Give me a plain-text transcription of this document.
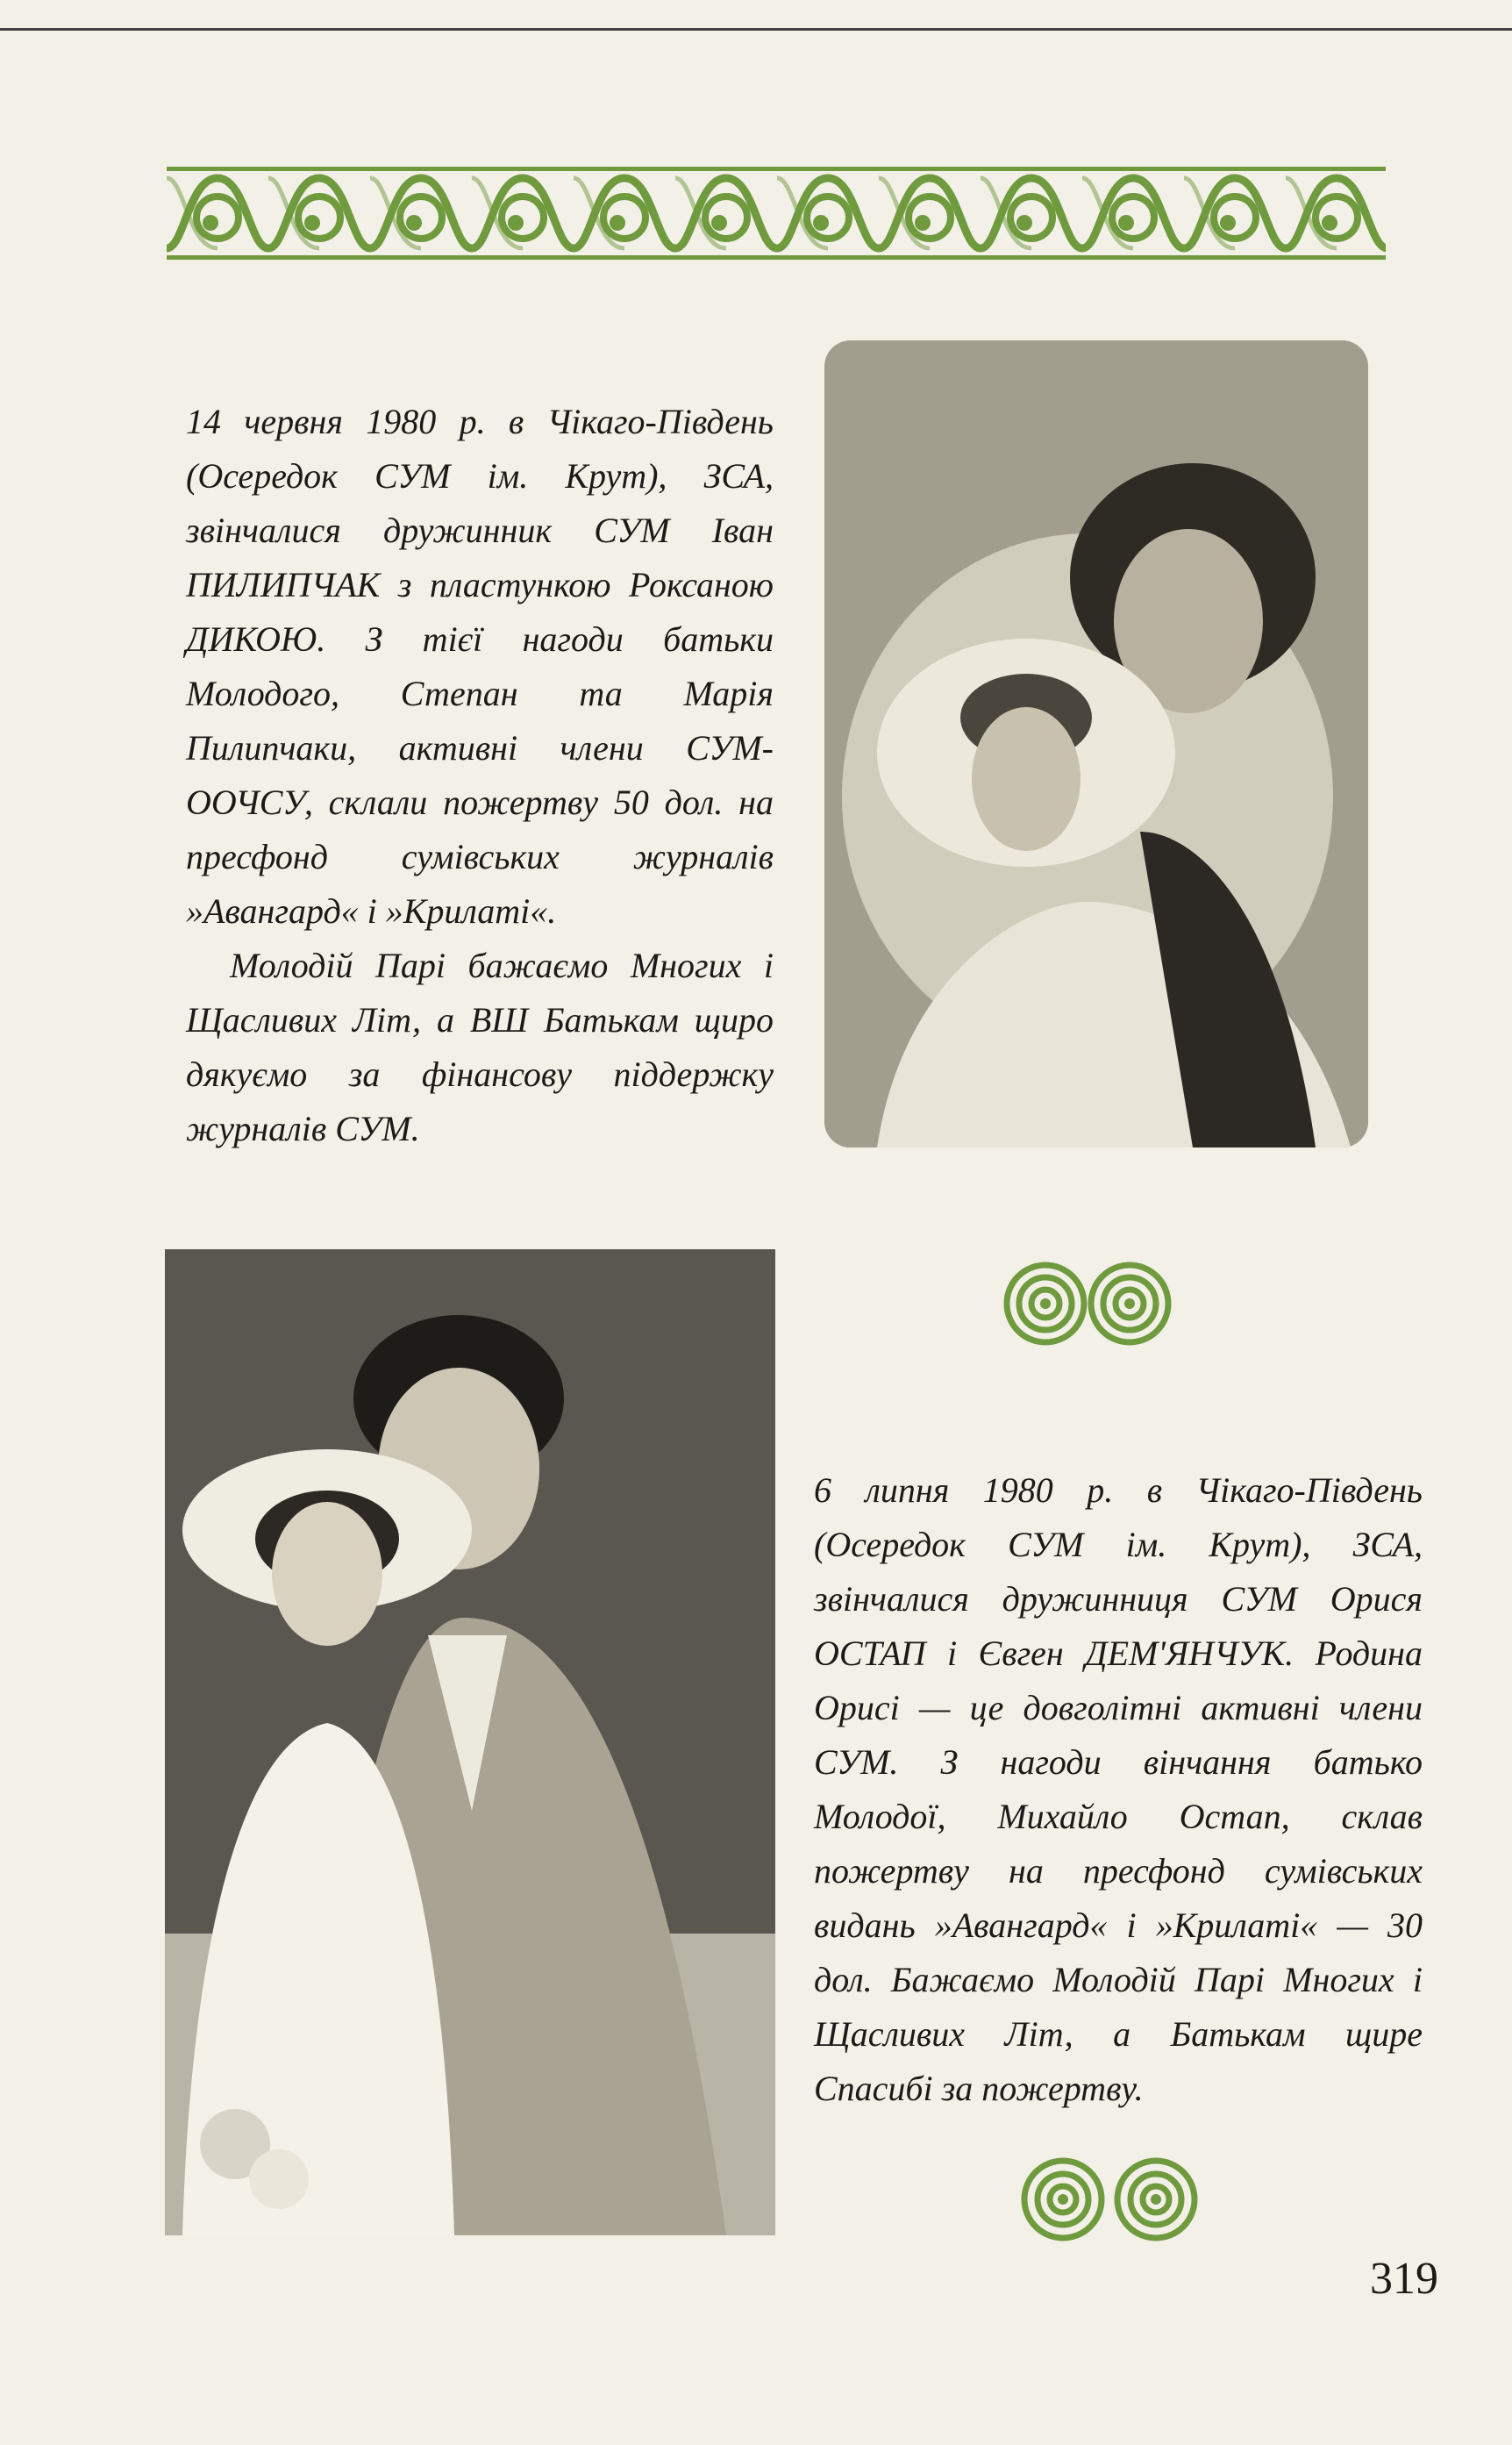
14 червня 1980 р. в Чікаго-Південь (Осередок СУМ ім. Крут), ЗСА, звінчалися дружинник СУМ Іван ПИЛИПЧАК з пластункою Роксаною ДИКОЮ. З тієї нагоди батьки Молодого, Степан та Марія Пилипчаки, активні члени СУМ-ООЧСУ, склали пожертву 50 дол. на пресфонд сумівських журналів »Авангард« і »Крилаті«.

Молодій Парі бажаємо Многих і Щасливих Літ, а ВШ Батькам щиро дякуємо за фінансову піддержку журналів СУМ.

6 липня 1980 р. в Чікаго-Південь (Осередок СУМ ім. Крут), ЗСА, звінчалися дружинниця СУМ Орися ОСТАП і Євген ДЕМ'ЯНЧУК. Родина Орисі — це довголітні активні члени СУМ. З нагоди вінчання батько Молодої, Михайло Остап, склав пожертву на пресфонд сумівських видань »Авангард« і »Крилаті« — 30 дол. Бажаємо Молодій Парі Многих і Щасливих Літ, а Батькам щире Спасибі за пожертву.

319
